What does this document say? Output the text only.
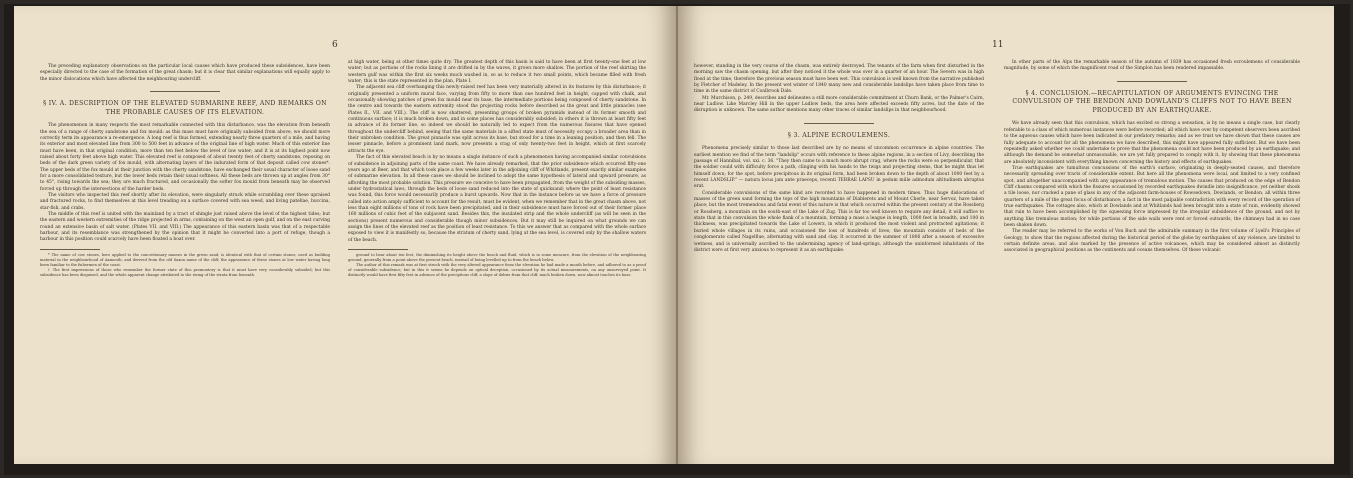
6

The preceding explanatory observations on the particular local causes which have produced these subsidences, have been especially directed to the case of the formation of the great chasm; but it is clear that similar explanations will equally apply to the minor dislocations which have affected the neighbouring undercliff.

§ IV. A. DESCRIPTION OF THE ELEVATED SUBMARINE REEF, AND REMARKS ON THE PROBABLE CAUSES OF ITS ELEVATION.

The phenomenon in many respects the most remarkable connected with this disturbance, was the elevation from beneath the sea of a range of cherty sandstone and fox mould: as this mass must have originally subsided from above, we should more correctly term its appearance a re-emergence. A long reef is thus formed, extending nearly three quarters of a mile, and having its exterior and most elevated line from 300 to 500 feet in advance of the original line of high water. Much of this exterior line must have been, in that original condition, more than ten feet below the level of low water; and it is at its highest point now raised about forty feet above high water. This elevated reef is composed of about twenty feet of cherty sandstone, reposing on beds of the dark green variety of fox mould, with alternating layers of the indurated form of that deposit called cow stones*. The upper beds of the fox mould at their junction with the cherty sandstone, have exchanged their usual character of loose sand for a more consolidated texture, but the lower beds retain their usual softness. All these beds are thrown up at angles from 30° to 45°, rising towards the sea; they are much fractured, and occasionally the softer fox mould from beneath may be observed forced up through the intersections of the harder beds.

The visitors who inspected this reef shortly after its elevation, were singularly struck while scrambling over these upraised and fractured rocks, to find themselves at this level treading on a surface covered with sea weed, and living patellae, buccina, star-fish, and crabs.

The middle of this reef is united with the mainland by a tract of shingle just raised above the level of the highest tides; but the eastern and western extremities of the ridge projected in arms, containing on the west an open gulf, and on the east curving round an extensive basin of salt water. (Plates VII. and VIII.) The appearance of this eastern basin was that of a respectable harbour, and its resemblance was strengthened by the opinion that it might be converted into a port of refuge, though a harbour in this position could scarcely have been floated a boat over.

* The name of cow stones, here applied to the concretionary masses in the green sand, is identical with that of certain stones, used as building material in the neighbourhood of Axmouth, and derived from the old Saxon name of the cliff; the appearance of these stones at low water having long been familiar to the fishermen of the coast.

† The first impressions of those who remember the former state of this promontory is that it must have very considerably subsided; but this subsidence has been disguised, and the whole apparent change attributed to the rising of the strata from beneath.

at high water, being at other times quite dry. The greatest depth of this basin is said to have been at first twenty-one feet at low water; but as portions of the rocks lining it are drifted in by the waves, it grows more shallow. The portion of the reef skirting the western gulf was within the first six weeks much washed in, so as to reduce it two small points, which became filled with fresh water; this is the state represented in the plan, Plate I.

The adjacent sea cliff overhanging this newly-raised reef has been very materially altered in its features by this disturbance; it originally presented a uniform mural face, varying from fifty to more than one hundred feet in height, capped with chalk, and occasionally showing patches of green fox mould near its base, the intermediate portions being composed of cherty sandstone. In the centre and towards the eastern extremity stood the projecting rocks before described as the great and little pinnacles (see Plates II., VII. and VIII.). The cliff is now shattered, presenting groups of broken pyramids instead of its former smooth and continuous surface; it is much broken down, and in some places has considerably subsided; in others it is thrown at least fifty feet in advance of its former line, so indeed we should be naturally led to expect from the numerous fissures that have opened throughout the undercliff behind, seeing that the same materials in a sifted state must of necessity occupy a broader area than in their unbroken condition. The great pinnacle was split across its base, but stood for a time in a leaning position, and then fell. The lesser pinnacle, before a prominent land mark, now presents a crag of only twenty-two feet in height, which at first scarcely attracts the eye.

The fact of this elevated beach is by no means a single instance of such a phenomenon having accompanied similar convulsions of subsidence in adjoining parts of the same coast. We have already remarked, that the prior subsidence which occurred fifty-one years ago at Beer, and that which took place a few weeks later in the adjoining cliff of Whitlands, present exactly similar examples of submarine elevation. In all these cases we should be inclined to adopt the same hypothesis of lateral and upward pressure, as affording the most probable solution. This pressure we conceive to have been propagated, from the weight of the subsiding masses, under hydrostatical laws, through the beds of loose sand reduced into the state of quicksand; where the point of least resistance was found, this force would necessarily produce a burst upwards. Now that in the instance before us we have a force of pressure called into action amply sufficient to account for the result, must be evident, when we remember that in the great chasm above, not less than eight millions of tons of rock have been precipitated, and in their subsidence must have forced out of their former place 160 millions of cubic feet of the subjacent sand. Besides this, the insulated strip and the whole undercliff (as will be seen in the sections) present numerous and considerable though minor subsidences. But it may still be inquired on what grounds we can assign the lines of the elevated reef as the position of least resistance. To this we answer that as compared with the whole surface exposed to view it is manifestly so, because the stratum of cherty sand, lying at the sea level, is covered only by the shallow waters of the beach.

ground to bear about ten feet, the diminishing its height above the beach and fluid, which is in some measure, from the elevation of the neighbouring ground, generally from a point above the present beach, instead of being levelled up to from the beach below.

The author of this remark was at first struck with the very altered appearance from the elevation he had made a month before, and adhered to as a proof of considerable subsidence; but in this it seems he depends on optical deception, occasioned by its actual measurements, on any unsurveyed point. It distinctly would have first fifty feet in advance of the precipitous cliff, a slope of debris from that cliff, much broken down, now almost touches its base.

11

however, standing in the very course of the chasm, was entirely destroyed. The tenants of the farm when first disturbed in the morning saw the chasm opening, but after they noticed it the whole was over in a quarter of an hour. The Severn was in high flood at the time, therefore the previous season must have been wet. This convulsion is well known from the narrative published by Fletcher of Madeley. In the present wet winter of 1840 many new and considerable landslips have taken place from time to time in the same district of Coalbrook Dale.

Mr. Murchison, p. 249, describes and delineates a still more considerable commitment at Churn Bank, or the Palmer's Cairn, near Ludlow. Like Marcley Hill in the upper Ludlow beds, the area here affected exceeds fifty acres, but the date of the disruption is unknown. The same author mentions many other traces of similar landslips in that neighbourhood.

§ 3. ALPINE ECROULEMENS.

Phenomena precisely similar to those last described are by no means of uncommon occurrence in alpine countries. The earliest mention we find of the term "landslip" occurs with reference to these alpine regions, in a section of Livy, describing the passage of Hannibal, vol. xxi. c. 36. "They then came to a much more abrupt crag, where the rocks were so perpendicular, that the soldier could with difficulty force a path, clinging with his hands to the twigs and projecting stems, that he might thus let himself down; for the spot, before precipitous in its original form, had been broken down to the depth of about 1000 feet by a recent LANDSLIP." — natura locus jam ante praeceps, recenti TERRAE LAPSU in pedum mille admodum altitudinem abruptus erat.

Considerable convulsions of the same kind are recorded to have happened in modern times. Thus huge dislocations of masses of the green sand forming the tops of the high mountains of Diablerets and of Mount Cherle, near Servoz, have taken place; but the most tremendous and fatal event of this nature is that which occurred within the present century at the Rossberg or Rossberg, a mountain on the south-east of the Lake of Zug. This is far too well known to require any detail; it will suffice to state that in this convulsion the whole flank of a mountain, forming a mass a league in length, 1000 feet in breadth, and 100 in thickness, was precipitated towards the Lake of Lowerz, in which it produced the most violent and protracted agitations; it buried whole villages in its ruins, and occasioned the loss of hundreds of lives; the mountain consists of beds of the conglomerate called Nagelflue, alternating with sand and clay. It occurred in the summer of 1806 after a season of excessive wetness, and is universally ascribed to the undermining agency of land-springs, although the uninformed inhabitants of the district were at first very anxious to represent it as an earthquake.

In other parts of the Alps the remarkable season of the autumn of 1839 has occasioned fresh ecroulemens of considerable magnitude, by some of which the magnificent road of the Simplon has been rendered impassable.

§ 4. CONCLUSION.—RECAPITULATION OF ARGUMENTS EVINCING THE CONVULSION OF THE BENDON AND DOWLAND'S CLIFFS NOT TO HAVE BEEN PRODUCED BY AN EARTHQUAKE.

We have already seen that this convulsion, which has excited so strong a sensation, is by no means a single case, but clearly referable to a class of which numerous instances were before recorded; all which have over by competent observers been ascribed to the aqueous causes which have been indicated in our prefatory remarks; and as we trust we have shown that these causes are fully adequate to account for all the phenomena we have described, this might have appeared fully sufficient. But we have been repeatedly asked whether we could undertake to prove that the phenomena could not have been produced by an earthquake; and although the demand be somewhat unreasonable, we are yet fully prepared to comply with it, by showing that these phenomena are absolutely inconsistent with everything known concerning the history and effects of earthquakes.

True earthquakes are tumultous concussions of the earth's surface, originating in deeply-seated causes, and therefore necessarily spreading over tracts of considerable extent. But here all the phenomena were local, and limited to a very confined spot, and altogether unaccompanied with any appearance of tremulous motion. The causes that produced on the edge of Bendon Cliff chasms compared with which the fissures occasioned by recorded earthquakes dwindle into insignificance, yet neither shook a tile loose, nor cracked a pane of glass in any of the adjacent farm-houses of Rowsedown, Dowlands, or Bendon, all within three quarters of a mile of the great focus of disturbance; a fact in the most palpable contradiction with every record of the operation of true earthquakes. The cottages also, which at Dowlands and at Whitlands had been brought into a state of ruin, evidently showed that ruin to have been accomplished by the squeezing force impressed by the irregular subsidence of the ground, and not by anything like tremulous motion; for while portions of the side walls were rent or forced outwards, the chimneys had in no case been shaken down.

The reader may be referred to the works of Von Buch and the admirable summary in the first volume of Lyell's Principles of Geology, to show that the regions affected during the historical period of the globe by earthquakes of any violence, are limited to certain definite areas, and also marked by the presence of active volcanoes, which may be considered almost as distinctly associated in geographical positions as the continents and oceans themselves. Of these volcanic
